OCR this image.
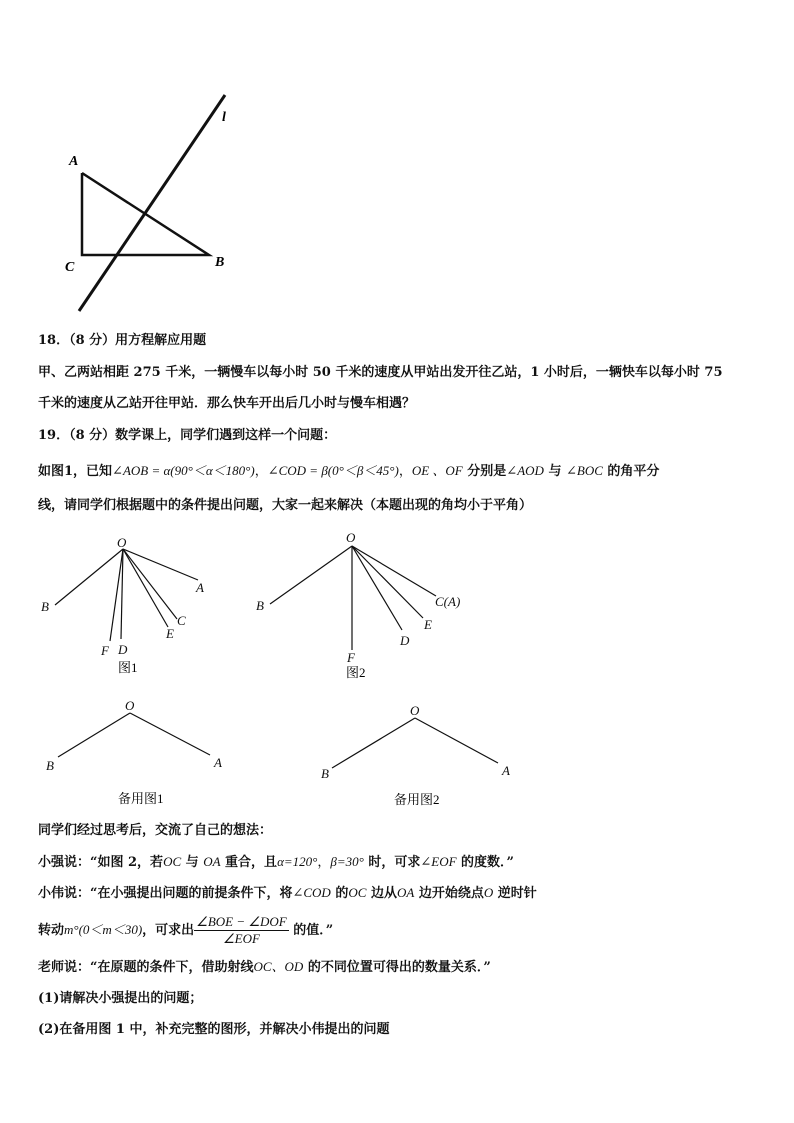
A
C	B
l
18．（8 分）用方程解应用题
甲、乙两站相距 275 千米，一辆慢车以每小时 50 千米的速度从甲站出发开往乙站，1 小时后，一辆快车以每小时 75
千米的速度从乙站开往甲站．那么快车开出后几小时与慢车相遇？
19．（8 分）数学课上，同学们遇到这样一个问题：
如图1，已知∠AOB = α(90°＜α＜180°)，∠COD = β(0°＜β＜45°)，OE 、OF 分别是∠AOD 与 ∠BOC 的角平分
线，请同学们根据题中的条件提出问题，大家一起来解决（本题出现的角均小于平角）
O
A
B
C
E
D
F
图1
O
B	C(A)
E
D
F
图2
O
B	A
备用图1
O
B	A
备用图2
同学们经过思考后，交流了自己的想法：
小强说：“如图 2，若OC 与 OA 重合，且α=120°，β=30° 时，可求∠EOF 的度数．”
小伟说：“在小强提出问题的前提条件下，将∠COD 的OC 边从OA 边开始绕点O 逆时针
转动m°(0＜m＜30)，可求出 $\frac{\text{∠BOE − ∠DOF}}{\text{∠EOF}}$ 的值．”
老师说：“在原题的条件下，借助射线OC、OD 的不同位置可得出的数量关系．”
(1)请解决小强提出的问题；
(2)在备用图 1 中，补充完整的图形，并解决小伟提出的问题
